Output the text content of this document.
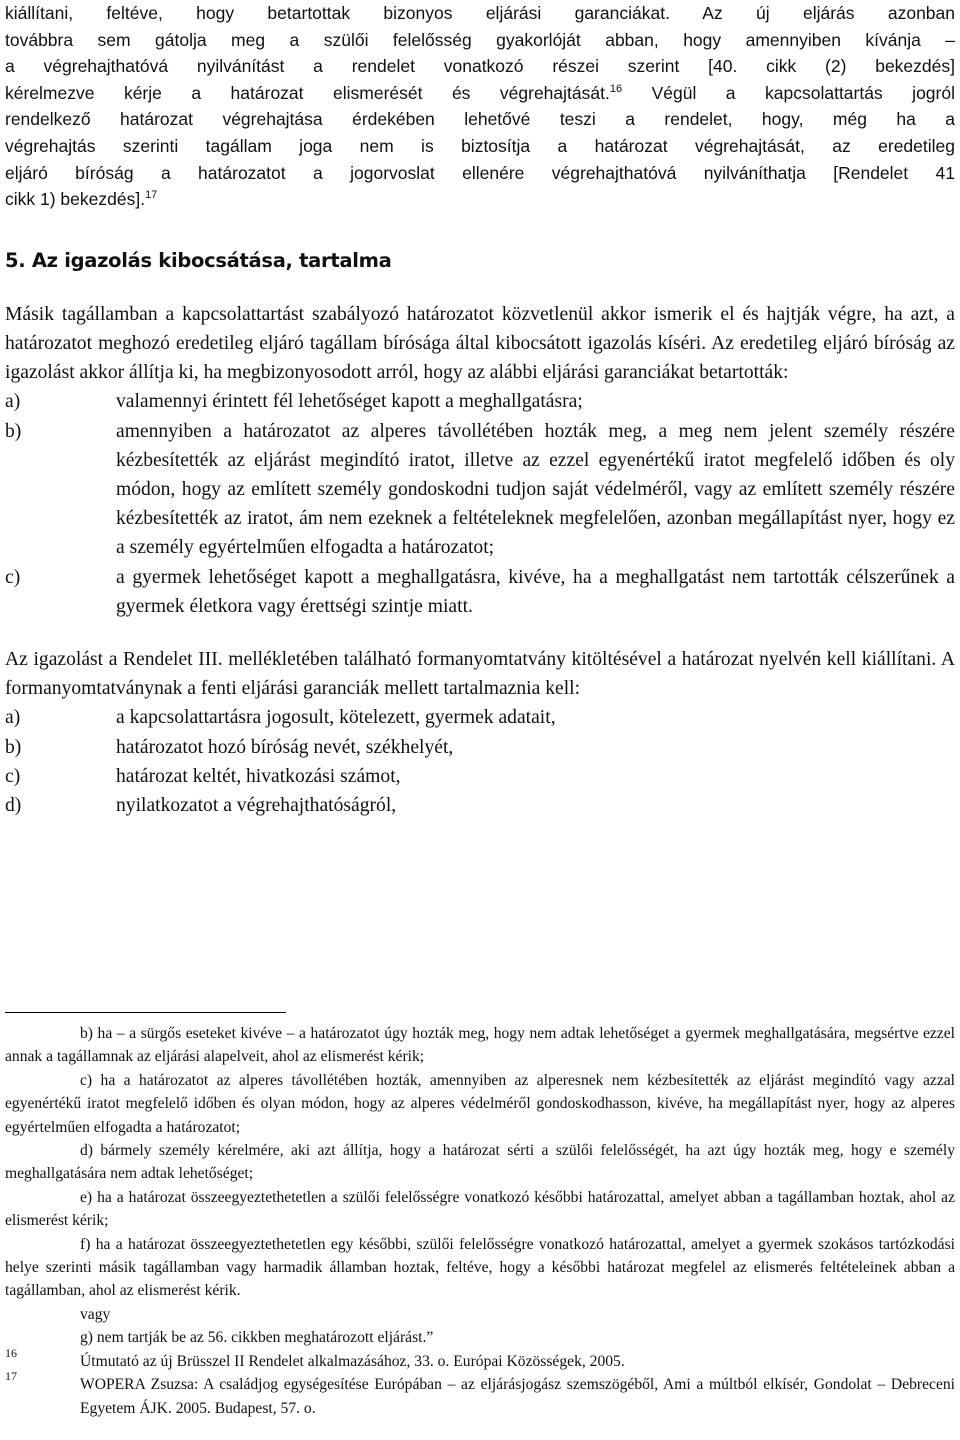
kiállítani, feltéve, hogy betartottak bizonyos eljárási garanciákat. Az új eljárás azonban

továbbra sem gátolja meg a szülői felelősség gyakorlóját abban, hogy amennyiben kívánja –

a végrehajthatóvá nyilvánítást a rendelet vonatkozó részei szerint [40. cikk (2) bekezdés]

kérelmezve kérje a határozat elismerését és végrehajtását.$^{16}$ Végül a kapcsolattartás jogról

rendelkező határozat végrehajtása érdekében lehetővé teszi a rendelet, hogy, még ha a

végrehajtás szerinti tagállam joga nem is biztosítja a határozat végrehajtását, az eredetileg

eljáró bíróság a határozatot a jogorvoslat ellenére végrehajthatóvá nyilváníthatja [Rendelet 41

cikk 1) bekezdés].$^{17}$

5. Az igazolás kibocsátása, tartalma

Másik tagállamban a kapcsolattartást szabályozó határozatot közvetlenül akkor ismerik el és hajtják végre, ha azt, a határozatot meghozó eredetileg eljáró tagállam bírósága által kibocsátott igazolás kíséri. Az eredetileg eljáró bíróság az igazolást akkor állítja ki, ha megbizonyosodott arról, hogy az alábbi eljárási garanciákat betartották:

a)	valamennyi érintett fél lehetőséget kapott a meghallgatásra;
b)	amennyiben a határozatot az alperes távollétében hozták meg, a meg nem jelent személy részére kézbesítették az eljárást megindító iratot, illetve az ezzel egyenértékű iratot megfelelő időben és oly módon, hogy az említett személy gondoskodni tudjon saját védelméről, vagy az említett személy részére kézbesítették az iratot, ám nem ezeknek a feltételeknek megfelelően, azonban megállapítást nyer, hogy ez a személy egyértelműen elfogadta a határozatot;
c)	a gyermek lehetőséget kapott a meghallgatásra, kivéve, ha a meghallgatást nem tartották célszerűnek a gyermek életkora vagy érettségi szintje miatt.

Az igazolást a Rendelet III. mellékletében található formanyomtatvány kitöltésével a határozat nyelvén kell kiállítani. A formanyomtatványnak a fenti eljárási garanciák mellett tartalmaznia kell:

a)	a kapcsolattartásra jogosult, kötelezett, gyermek adatait,
b)	határozatot hozó bíróság nevét, székhelyét,
c)	határozat keltét, hivatkozási számot,
d)	nyilatkozatot a végrehajthatóságról,

b) ha – a sürgős eseteket kivéve – a határozatot úgy hozták meg, hogy nem adtak lehetőséget a gyermek meghallgatására, megsértve ezzel annak a tagállamnak az eljárási alapelveit, ahol az elismerést kérik;

c) ha a határozatot az alperes távollétében hozták, amennyiben az alperesnek nem kézbesítették az eljárást megindító vagy azzal egyenértékű iratot megfelelő időben és olyan módon, hogy az alperes védelméről gondoskodhasson, kivéve, ha megállapítást nyer, hogy az alperes egyértelműen elfogadta a határozatot;

d) bármely személy kérelmére, aki azt állítja, hogy a határozat sérti a szülői felelősségét, ha azt úgy hozták meg, hogy e személy meghallgatására nem adtak lehetőséget;

e) ha a határozat összeegyeztethetetlen a szülői felelősségre vonatkozó későbbi határozattal, amelyet abban a tagállamban hoztak, ahol az elismerést kérik;

f) ha a határozat összeegyeztethetetlen egy későbbi, szülői felelősségre vonatkozó határozattal, amelyet a gyermek szokásos tartózkodási helye szerinti másik tagállamban vagy harmadik államban hoztak, feltéve, hogy a későbbi határozat megfelel az elismerés feltételeinek abban a tagállamban, ahol az elismerést kérik.

vagy

g) nem tartják be az 56. cikkben meghatározott eljárást.”

16	Útmutató az új Brüsszel II Rendelet alkalmazásához, 33. o. Európai Közösségek, 2005.

17	WOPERA Zsuzsa: A családjog egységesítése Európában – az eljárásjogász szemszögéből, Ami a múltból elkísér, Gondolat – Debreceni Egyetem ÁJK. 2005. Budapest, 57. o.
